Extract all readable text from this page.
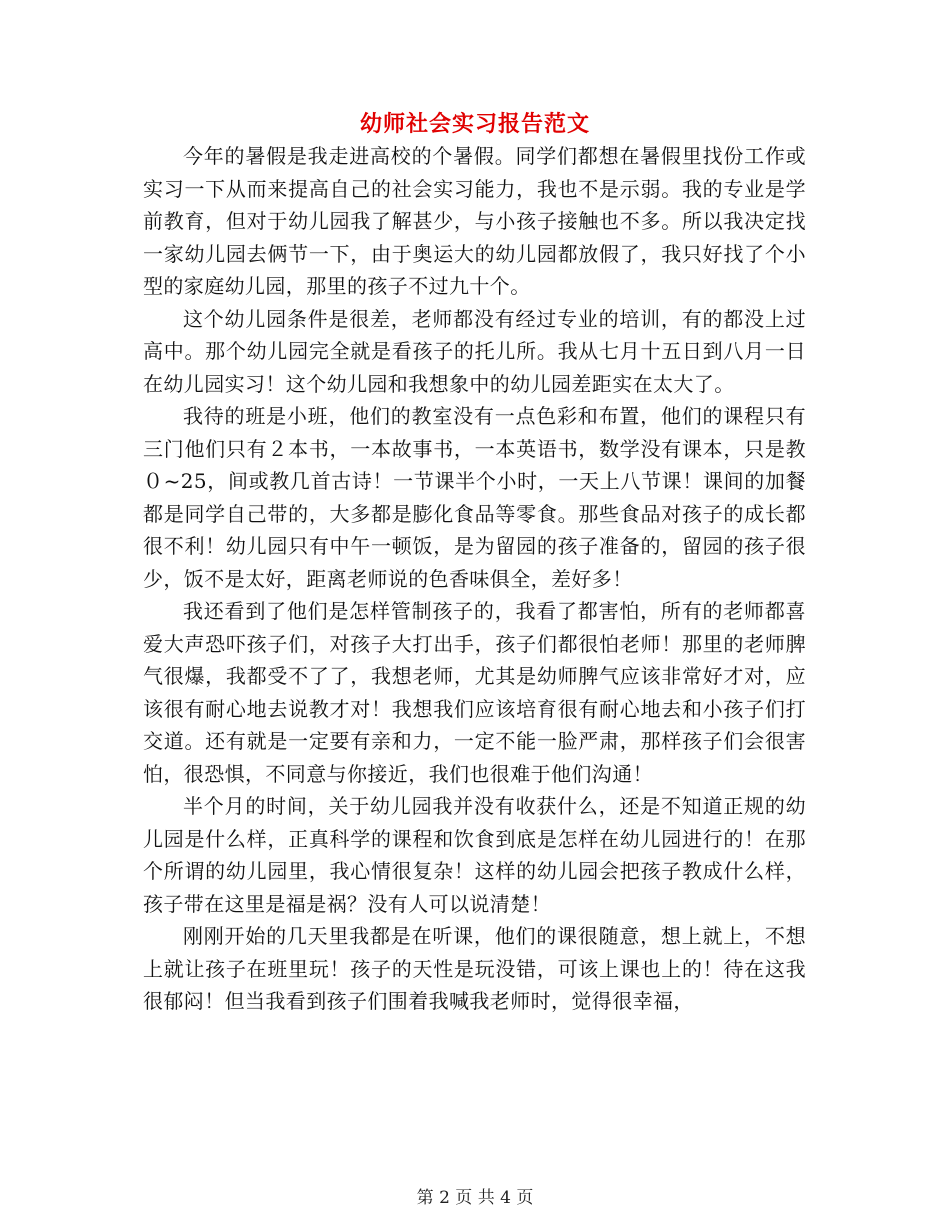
幼师社会实习报告范文

今年的暑假是我走进高校的个暑假。同学们都想在暑假里找份工作或实习一下从而来提高自己的社会实习能力，我也不是示弱。我的专业是学前教育，但对于幼儿园我了解甚少，与小孩子接触也不多。所以我决定找一家幼儿园去俩节一下，由于奥运大的幼儿园都放假了，我只好找了个小型的家庭幼儿园，那里的孩子不过九十个。

这个幼儿园条件是很差，老师都没有经过专业的培训，有的都没上过高中。那个幼儿园完全就是看孩子的托儿所。我从七月十五日到八月一日在幼儿园实习！这个幼儿园和我想象中的幼儿园差距实在太大了。

我待的班是小班，他们的教室没有一点色彩和布置，他们的课程只有三门他们只有２本书，一本故事书，一本英语书，数学没有课本，只是教０~25，间或教几首古诗！一节课半个小时，一天上八节课！课间的加餐都是同学自己带的，大多都是膨化食品等零食。那些食品对孩子的成长都很不利！幼儿园只有中午一顿饭，是为留园的孩子准备的，留园的孩子很少，饭不是太好，距离老师说的色香味俱全，差好多！

我还看到了他们是怎样管制孩子的，我看了都害怕，所有的老师都喜爱大声恐吓孩子们，对孩子大打出手，孩子们都很怕老师！那里的老师脾气很爆，我都受不了了，我想老师，尤其是幼师脾气应该非常好才对，应该很有耐心地去说教才对！我想我们应该培育很有耐心地去和小孩子们打交道。还有就是一定要有亲和力，一定不能一脸严肃，那样孩子们会很害怕，很恐惧，不同意与你接近，我们也很难于他们沟通！

半个月的时间，关于幼儿园我并没有收获什么，还是不知道正规的幼儿园是什么样，正真科学的课程和饮食到底是怎样在幼儿园进行的！在那个所谓的幼儿园里，我心情很复杂！这样的幼儿园会把孩子教成什么样，孩子带在这里是福是祸？没有人可以说清楚！

刚刚开始的几天里我都是在听课，他们的课很随意，想上就上，不想上就让孩子在班里玩！孩子的天性是玩没错，可该上课也上的！待在这我很郁闷！但当我看到孩子们围着我喊我老师时，觉得很幸福，

第 2 页 共 4 页
